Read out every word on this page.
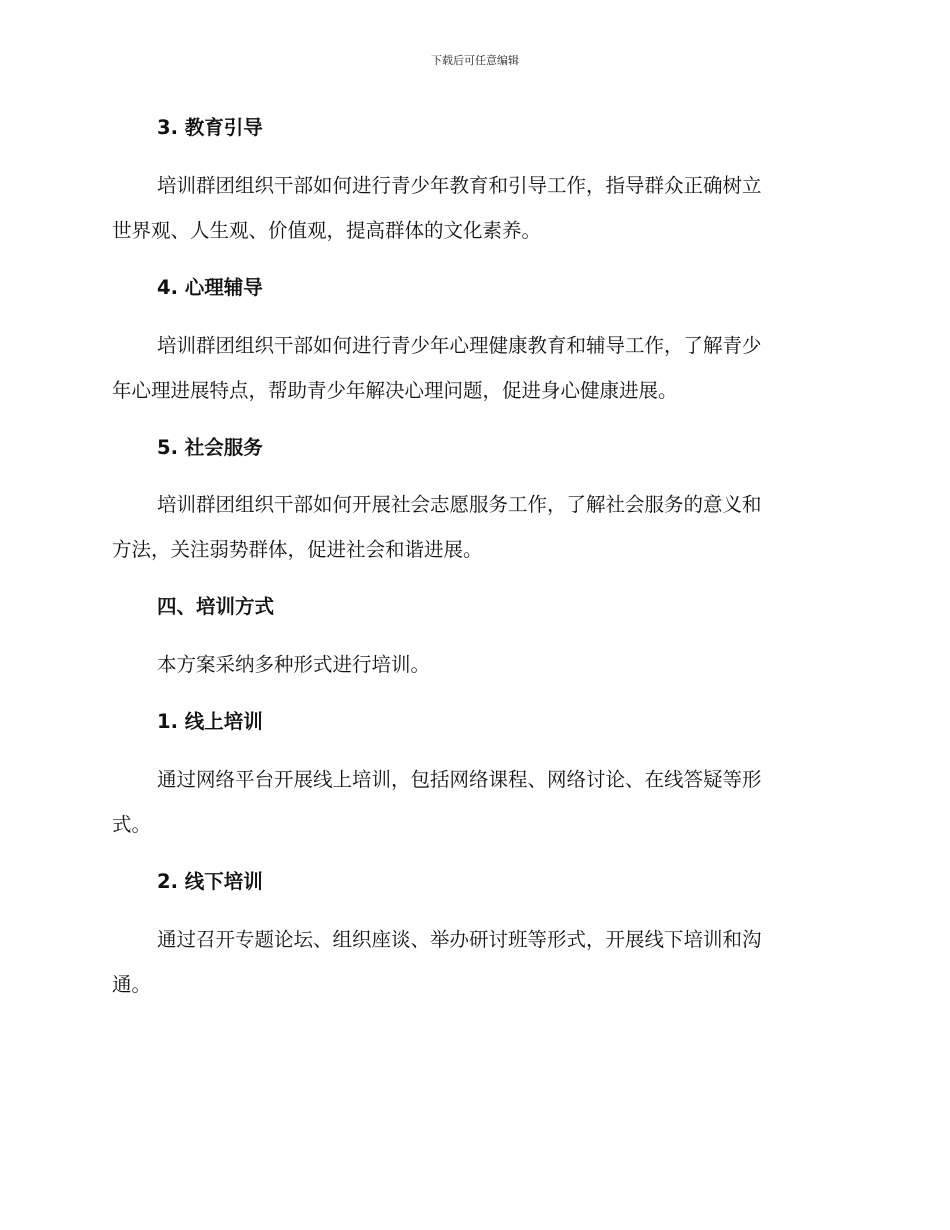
下载后可任意编辑
3. 教育引导

培训群团组织干部如何进行青少年教育和引导工作，指导群众正确树立

世界观、人生观、价值观，提高群体的文化素养。

4. 心理辅导

培训群团组织干部如何进行青少年心理健康教育和辅导工作，了解青少

年心理进展特点，帮助青少年解决心理问题，促进身心健康进展。

5. 社会服务

培训群团组织干部如何开展社会志愿服务工作，了解社会服务的意义和

方法，关注弱势群体，促进社会和谐进展。

四、培训方式

本方案采纳多种形式进行培训。

1. 线上培训

通过网络平台开展线上培训，包括网络课程、网络讨论、在线答疑等形

式。

2. 线下培训

通过召开专题论坛、组织座谈、举办研讨班等形式，开展线下培训和沟

通。
